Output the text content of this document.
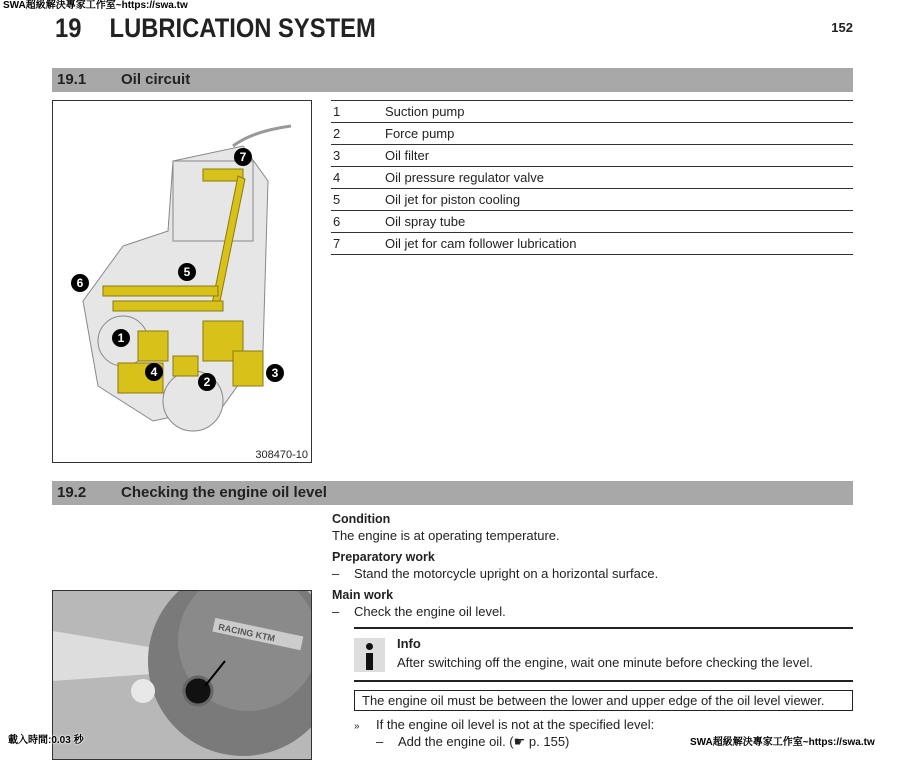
SWA超級解決專家工作室~https://swa.tw
19 LUBRICATION SYSTEM	152
19.1 Oil circuit
1
2
3
4
5
6
7
308470-10
1	Suction pump
2	Force pump
3	Oil filter
4	Oil pressure regulator valve
5	Oil jet for piston cooling
6	Oil spray tube
7	Oil jet for cam follower lubrication
19.2 Checking the engine oil level
Condition
The engine is at operating temperature.
Preparatory work
– Stand the motorcycle upright on a horizontal surface.
Main work
– Check the engine oil level.
Info
After switching off the engine, wait one minute before checking the level.
The engine oil must be between the lower and upper edge of the oil level viewer.
» If the engine oil level is not at the specified level:
– Add the engine oil. (☛ p. 155)
RACING KTM
載入時間:0.03 秒	SWA超級解決專家工作室~https://swa.tw
